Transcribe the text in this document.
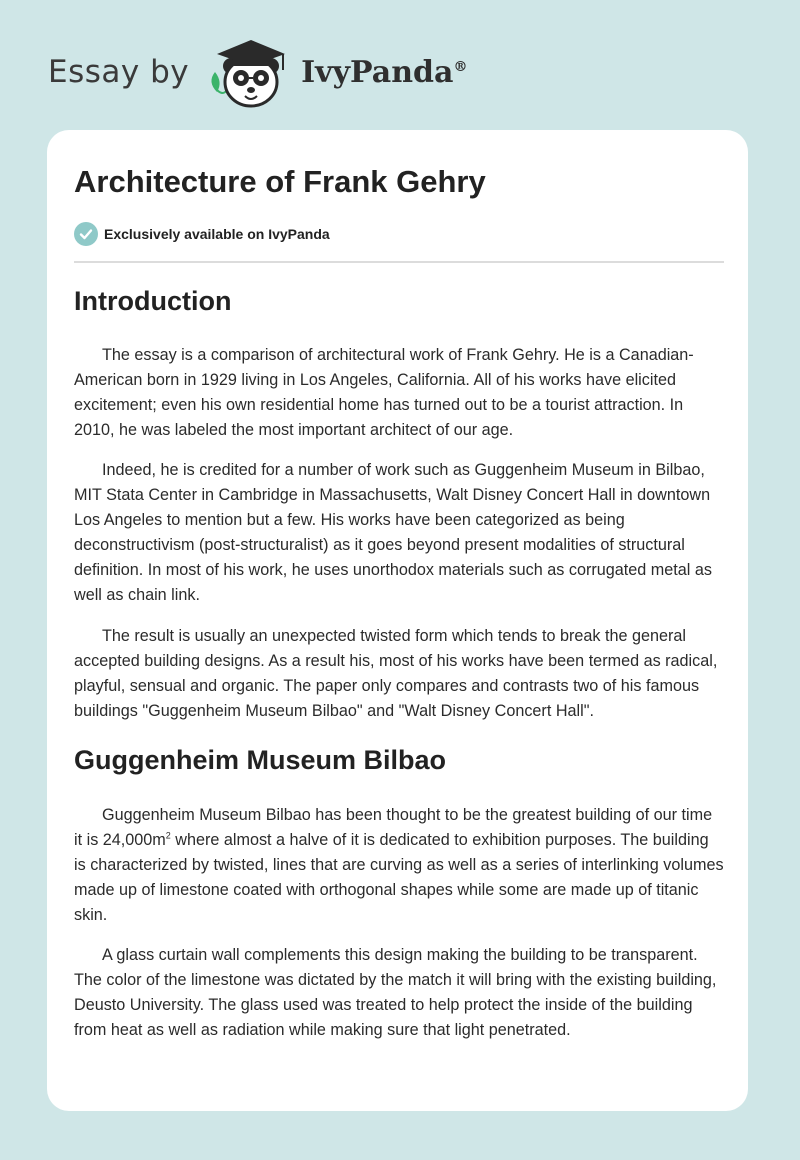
Essay by	IvyPanda®
Architecture of Frank Gehry
Exclusively available on IvyPanda
Introduction

The essay is a comparison of architectural work of Frank Gehry. He is a Canadian-American born in 1929 living in Los Angeles, California. All of his works have elicited excitement; even his own residential home has turned out to be a tourist attraction. In 2010, he was labeled the most important architect of our age.

Indeed, he is credited for a number of work such as Guggenheim Museum in Bilbao, MIT Stata Center in Cambridge in Massachusetts, Walt Disney Concert Hall in downtown Los Angeles to mention but a few. His works have been categorized as being deconstructivism (post-structuralist) as it goes beyond present modalities of structural definition. In most of his work, he uses unorthodox materials such as corrugated metal as well as chain link.

The result is usually an unexpected twisted form which tends to break the general accepted building designs. As a result his, most of his works have been termed as radical, playful, sensual and organic. The paper only compares and contrasts two of his famous buildings "Guggenheim Museum Bilbao" and "Walt Disney Concert Hall".

Guggenheim Museum Bilbao

Guggenheim Museum Bilbao has been thought to be the greatest building of our time it is $24,000m^2$ where almost a halve of it is dedicated to exhibition purposes. The building is characterized by twisted, lines that are curving as well as a series of interlinking volumes made up of limestone coated with orthogonal shapes while some are made up of titanic skin.

A glass curtain wall complements this design making the building to be transparent. The color of the limestone was dictated by the match it will bring with the existing building, Deusto University. The glass used was treated to help protect the inside of the building from heat as well as radiation while making sure that light penetrated.
